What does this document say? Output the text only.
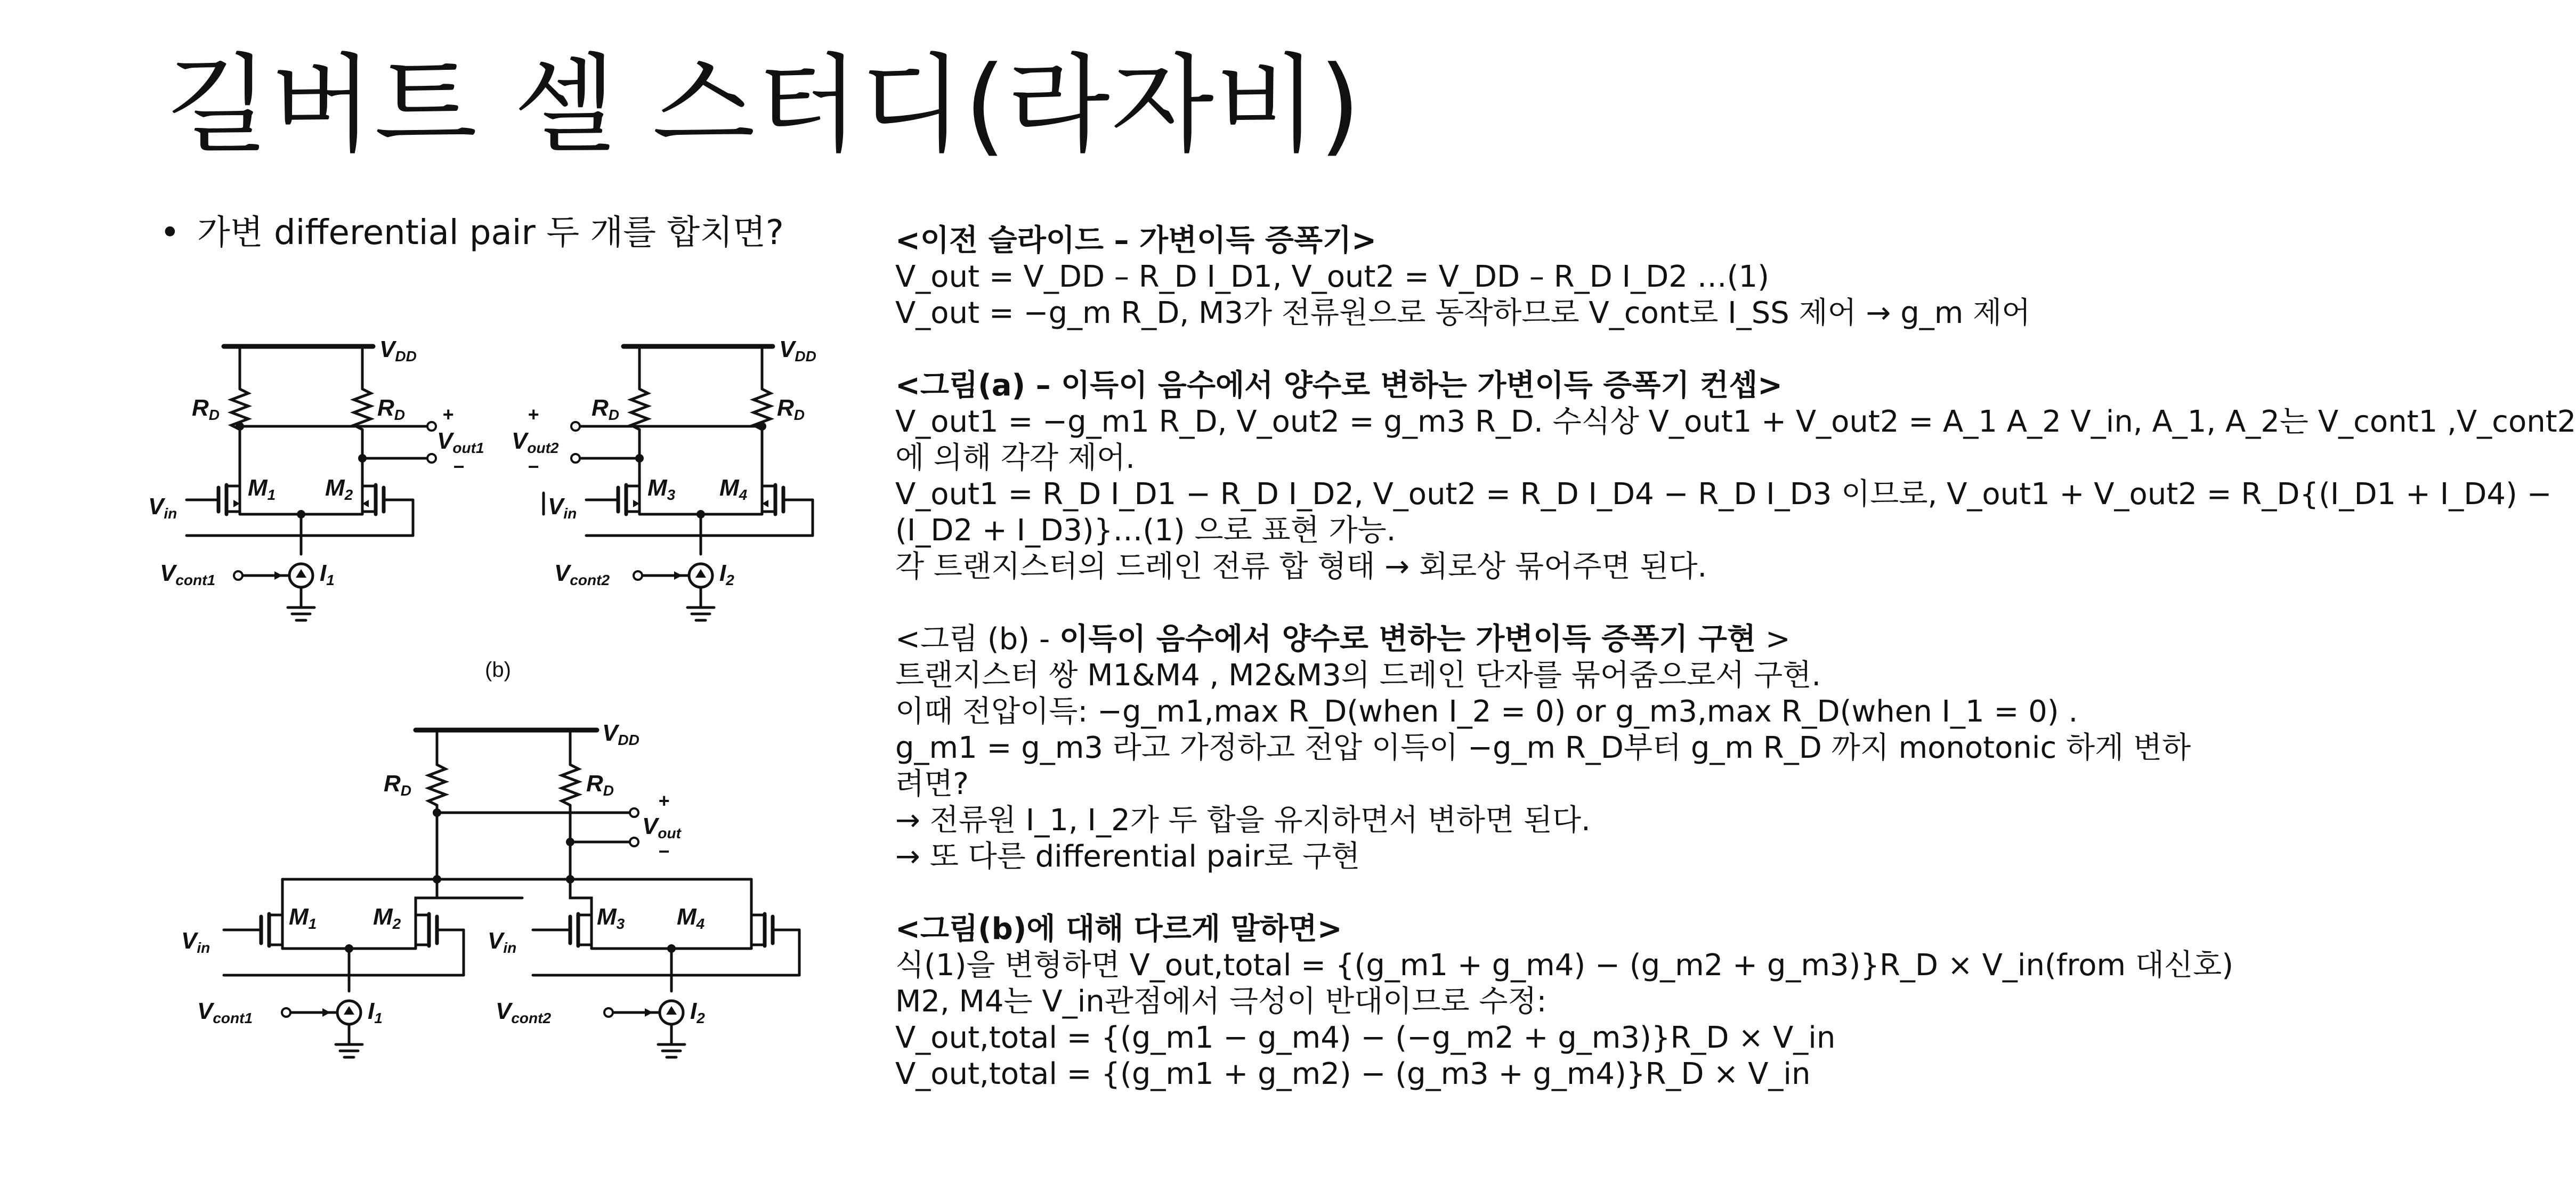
길버트 셀 스터디(라자비)
• 가변 differential pair 두 개를 합치면?
VDD
RD	RD
Vout1
+
−
M1 M2
Vin
Vcont1	I1
VDD
RD	RD
Vout2
+
−
M3 M4
Vin
Vcont2	I2
(b)
VDD
RD	RD
Vout
+
−
M1 M2	M3 M4
Vin	Vin
Vcont1	I1	Vcont2	I2

<이전 슬라이드 – 가변이득 증폭기>

V_out = V_DD – R_D I_D1, V_out2 = V_DD – R_D I_D2 …(1)

V_out = −g_m R_D, M3가 전류원으로 동작하므로 V_cont로 I_SS 제어 → g_m 제어

<그림(a) – 이득이 음수에서 양수로 변하는 가변이득 증폭기 컨셉>

V_out1 = −g_m1 R_D, V_out2 = g_m3 R_D. 수식상 V_out1 + V_out2 = A_1 A_2 V_in, A_1, A_2는 V_cont1 ,V_cont2

에 의해 각각 제어.

V_out1 = R_D I_D1 − R_D I_D2, V_out2 = R_D I_D4 − R_D I_D3 이므로, V_out1 + V_out2 = R_D{(I_D1 + I_D4) −

(I_D2 + I_D3)}…(1) 으로 표현 가능.

각 트랜지스터의 드레인 전류 합 형태 → 회로상 묶어주면 된다.

<그림 (b) - 이득이 음수에서 양수로 변하는 가변이득 증폭기 구현 >

트랜지스터 쌍 M1&M4 , M2&M3의 드레인 단자를 묶어줌으로서 구현.

이때 전압이득: −g_m1,max R_D(when I_2 = 0) or g_m3,max R_D(when I_1 = 0) .

g_m1 = g_m3 라고 가정하고 전압 이득이 −g_m R_D부터 g_m R_D 까지 monotonic 하게 변하

려면?

→ 전류원 I_1, I_2가 두 합을 유지하면서 변하면 된다.

→ 또 다른 differential pair로 구현

<그림(b)에 대해 다르게 말하면>

식(1)을 변형하면 V_out,total = {(g_m1 + g_m4) − (g_m2 + g_m3)}R_D × V_in(from 대신호)

M2, M4는 V_in관점에서 극성이 반대이므로 수정:

V_out,total = {(g_m1 − g_m4) − (−g_m2 + g_m3)}R_D × V_in

V_out,total = {(g_m1 + g_m2) − (g_m3 + g_m4)}R_D × V_in
